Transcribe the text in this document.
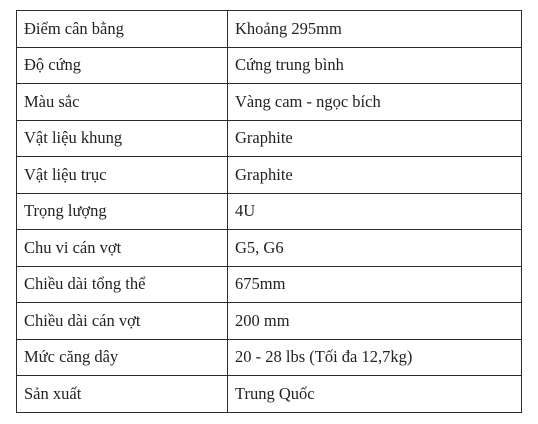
Điểm cân bằng	Khoảng 295mm
Độ cứng	Cứng trung bình
Màu sắc	Vàng cam - ngọc bích
Vật liệu khung	Graphite
Vật liệu trục	Graphite
Trọng lượng	4U
Chu vi cán vợt	G5, G6
Chiều dài tổng thể	675mm
Chiều dài cán vợt	200 mm
Mức căng dây	20 - 28 lbs (Tối đa 12,7kg)
Sản xuất	Trung Quốc
